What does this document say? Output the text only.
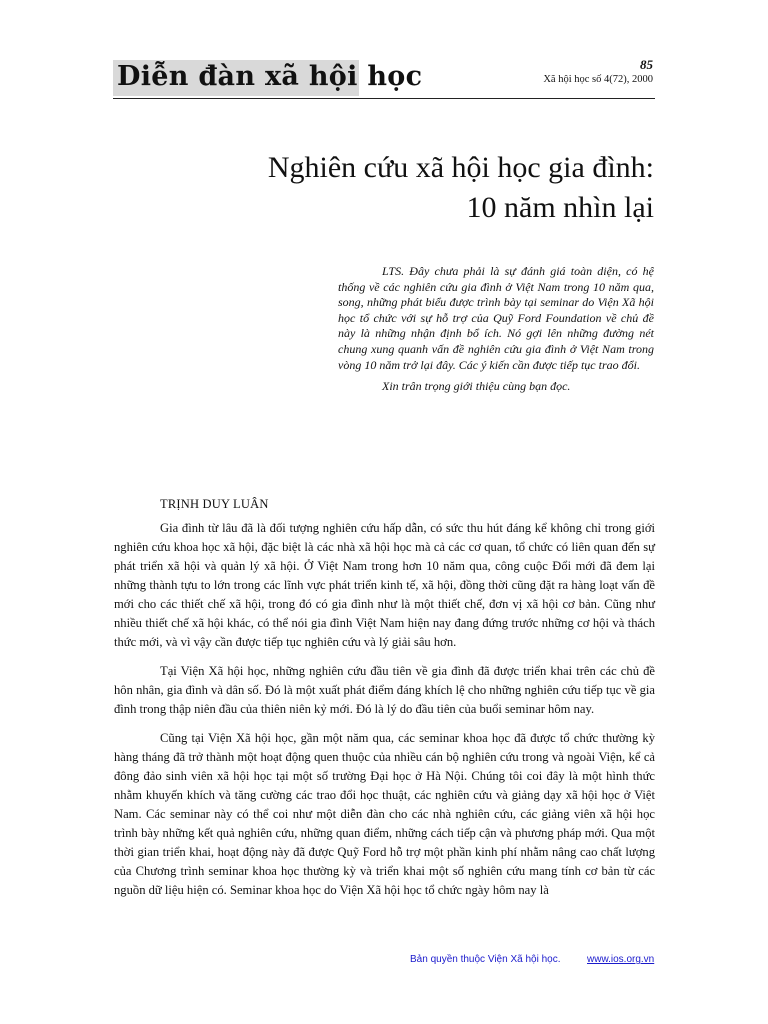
Diễn đàn xã hội học	85
Xã hội học số 4(72), 2000
Nghiên cứu xã hội học gia đình:
10 năm nhìn lại

LTS. Đây chưa phải là sự đánh giá toàn diện, có hệ thống về các nghiên cứu gia đình ở Việt Nam trong 10 năm qua, song, những phát biểu được trình bày tại seminar do Viện Xã hội học tổ chức với sự hỗ trợ của Quỹ Ford Foundation về chủ đề này là những nhận định bổ ích. Nó gợi lên những đường nét chung xung quanh vấn đề nghiên cứu gia đình ở Việt Nam trong vòng 10 năm trở lại đây. Các ý kiến cần được tiếp tục trao đổi.

Xin trân trọng giới thiệu cùng bạn đọc.

TRỊNH DUY LUÂN

Gia đình từ lâu đã là đối tượng nghiên cứu hấp dẫn, có sức thu hút đáng kể không chỉ trong giới nghiên cứu khoa học xã hội, đặc biệt là các nhà xã hội học mà cả các cơ quan, tổ chức có liên quan đến sự phát triển xã hội và quản lý xã hội. Ở Việt Nam trong hơn 10 năm qua, công cuộc Đổi mới đã đem lại những thành tựu to lớn trong các lĩnh vực phát triển kinh tế, xã hội, đồng thời cũng đặt ra hàng loạt vấn đề mới cho các thiết chế xã hội, trong đó có gia đình như là một thiết chế, đơn vị xã hội cơ bản. Cũng như nhiều thiết chế xã hội khác, có thể nói gia đình Việt Nam hiện nay đang đứng trước những cơ hội và thách thức mới, và vì vậy cần được tiếp tục nghiên cứu và lý giải sâu hơn.

Tại Viện Xã hội học, những nghiên cứu đầu tiên về gia đình đã được triển khai trên các chủ đề hôn nhân, gia đình và dân số. Đó là một xuất phát điểm đáng khích lệ cho những nghiên cứu tiếp tục về gia đình trong thập niên đầu của thiên niên kỷ mới. Đó là lý do đầu tiên của buổi seminar hôm nay.

Cũng tại Viện Xã hội học, gần một năm qua, các seminar khoa học đã được tổ chức thường kỳ hàng tháng đã trở thành một hoạt động quen thuộc của nhiều cán bộ nghiên cứu trong và ngoài Viện, kể cả đông đảo sinh viên xã hội học tại một số trường Đại học ở Hà Nội. Chúng tôi coi đây là một hình thức nhằm khuyến khích và tăng cường các trao đổi học thuật, các nghiên cứu và giảng dạy xã hội học ở Việt Nam. Các seminar này có thể coi như một diễn đàn cho các nhà nghiên cứu, các giảng viên xã hội học trình bày những kết quả nghiên cứu, những quan điểm, những cách tiếp cận và phương pháp mới. Qua một thời gian triển khai, hoạt động này đã được Quỹ Ford hỗ trợ một phần kinh phí nhằm nâng cao chất lượng của Chương trình seminar khoa học thường kỳ và triển khai một số nghiên cứu mang tính cơ bản từ các nguồn dữ liệu hiện có. Seminar khoa học do Viện Xã hội học tổ chức ngày hôm nay là

Bản quyền thuộc Viện Xã hội học.	www.ios.org.vn
